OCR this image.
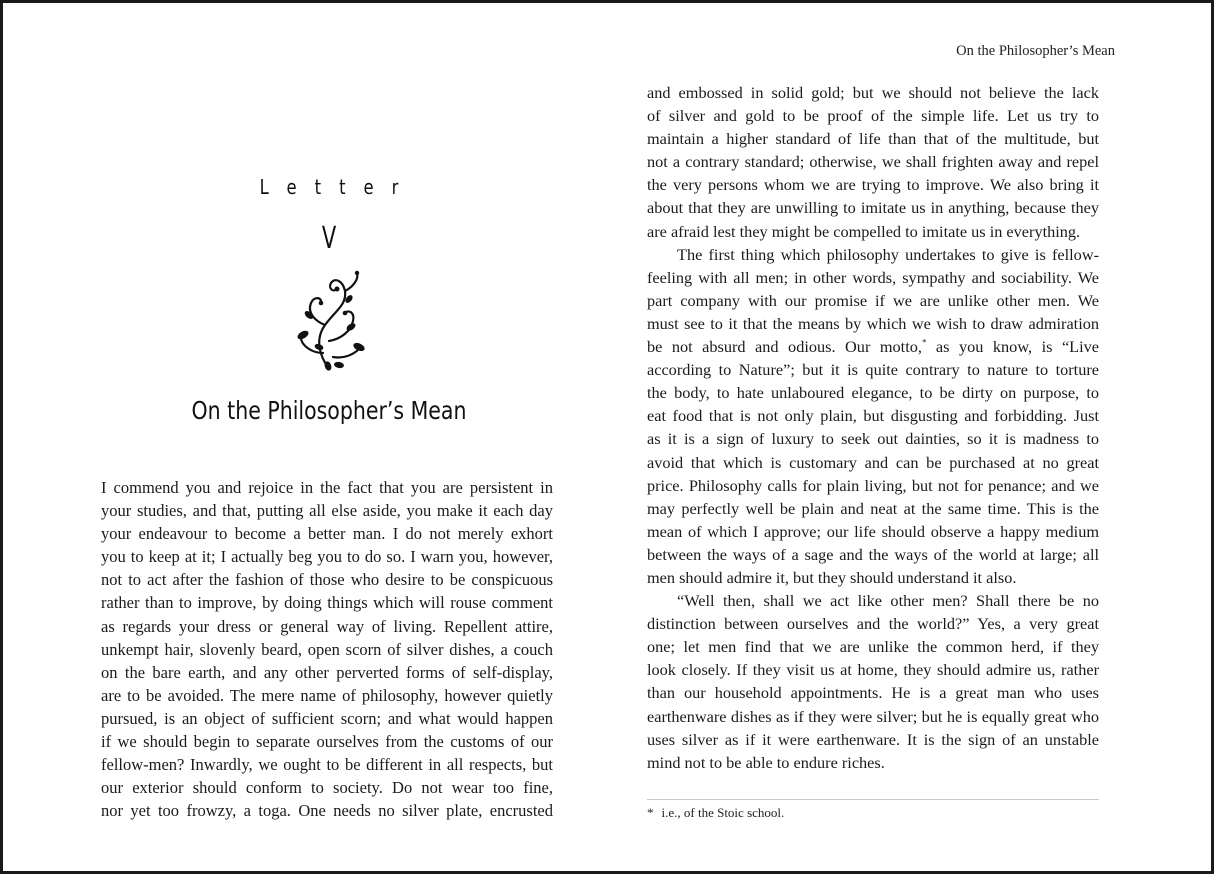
Letter
V
On the Philosopher’s Mean

I commend you and rejoice in the fact that you are persistent in
your studies, and that, putting all else aside, you make it each day
your endeavour to become a better man. I do not merely exhort
you to keep at it; I actually beg you to do so. I warn you, however,
not to act after the fashion of those who desire to be conspicuous
rather than to improve, by doing things which will rouse comment
as regards your dress or general way of living. Repellent attire,
unkempt hair, slovenly beard, open scorn of silver dishes, a couch
on the bare earth, and any other perverted forms of self-display,
are to be avoided. The mere name of philosophy, however quietly
pursued, is an object of sufficient scorn; and what would happen
if we should begin to separate ourselves from the customs of our
fellow-men? Inwardly, we ought to be different in all respects, but
our exterior should conform to society. Do not wear too fine,
nor yet too frowzy, a toga. One needs no silver plate, encrusted

On the Philosopher’s Mean

and embossed in solid gold; but we should not believe the lack
of silver and gold to be proof of the simple life. Let us try to
maintain a higher standard of life than that of the multitude, but
not a contrary standard; otherwise, we shall frighten away and repel
the very persons whom we are trying to improve. We also bring it
about that they are unwilling to imitate us in anything, because they
are afraid lest they might be compelled to imitate us in everything.

The first thing which philosophy undertakes to give is fellow-
feeling with all men; in other words, sympathy and sociability. We
part company with our promise if we are unlike other men. We
must see to it that the means by which we wish to draw admiration
be not absurd and odious. Our motto,* as you know, is “Live
according to Nature”; but it is quite contrary to nature to torture
the body, to hate unlaboured elegance, to be dirty on purpose, to
eat food that is not only plain, but disgusting and forbidding. Just
as it is a sign of luxury to seek out dainties, so it is madness to
avoid that which is customary and can be purchased at no great
price. Philosophy calls for plain living, but not for penance; and we
may perfectly well be plain and neat at the same time. This is the
mean of which I approve; our life should observe a happy medium
between the ways of a sage and the ways of the world at large; all
men should admire it, but they should understand it also.

“Well then, shall we act like other men? Shall there be no
distinction between ourselves and the world?” Yes, a very great
one; let men find that we are unlike the common herd, if they
look closely. If they visit us at home, they should admire us, rather
than our household appointments. He is a great man who uses
earthenware dishes as if they were silver; but he is equally great who
uses silver as if it were earthenware. It is the sign of an unstable
mind not to be able to endure riches.

* i.e., of the Stoic school.
